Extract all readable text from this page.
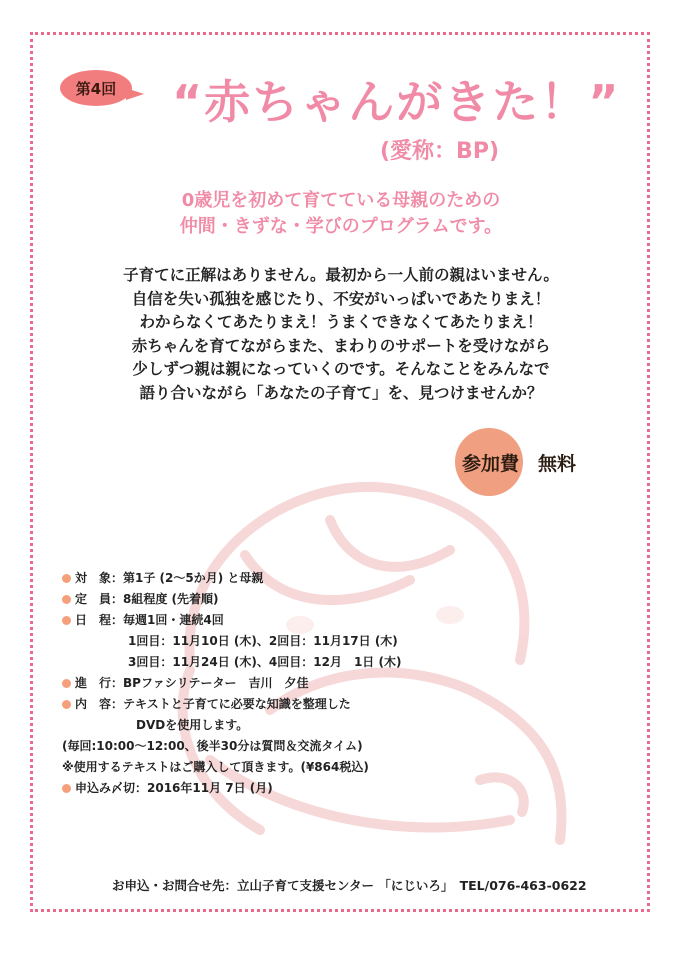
第4回	“赤ちゃんがきた！”
(愛称：BP)
0歳児を初めて育てている母親のための
仲間・きずな・学びのプログラムです。
子育てに正解はありません。最初から一人前の親はいません。
自信を失い孤独を感じたり、不安がいっぱいであたりまえ！
わからなくてあたりまえ！うまくできなくてあたりまえ！
赤ちゃんを育てながらまた、まわりのサポートを受けながら
少しずつ親は親になっていくのです。そんなことをみんなで
語り合いながら「あなたの子育て」を、見つけませんか？
参加費　無料
対　象：第1子 (2～5か月) と母親
定　員：8組程度 (先着順)
日　程：毎週1回・連続4回
1回目：11月10日 (木)、2回目：11月17日 (木)
3回目：11月24日 (木)、4回目：12月　1日 (木)
進　行：BPファシリテーター　吉川　夕佳
内　容：テキストと子育てに必要な知識を整理した
DVDを使用します。
(毎回:10:00～12:00、後半30分は質問＆交流タイム)
※使用するテキストはご購入して頂きます。(¥864税込)
申込み〆切：2016年11月 7日 (月)
お申込・お問合せ先：立山子育て支援センター 「にじいろ」　TEL/076-463-0622
